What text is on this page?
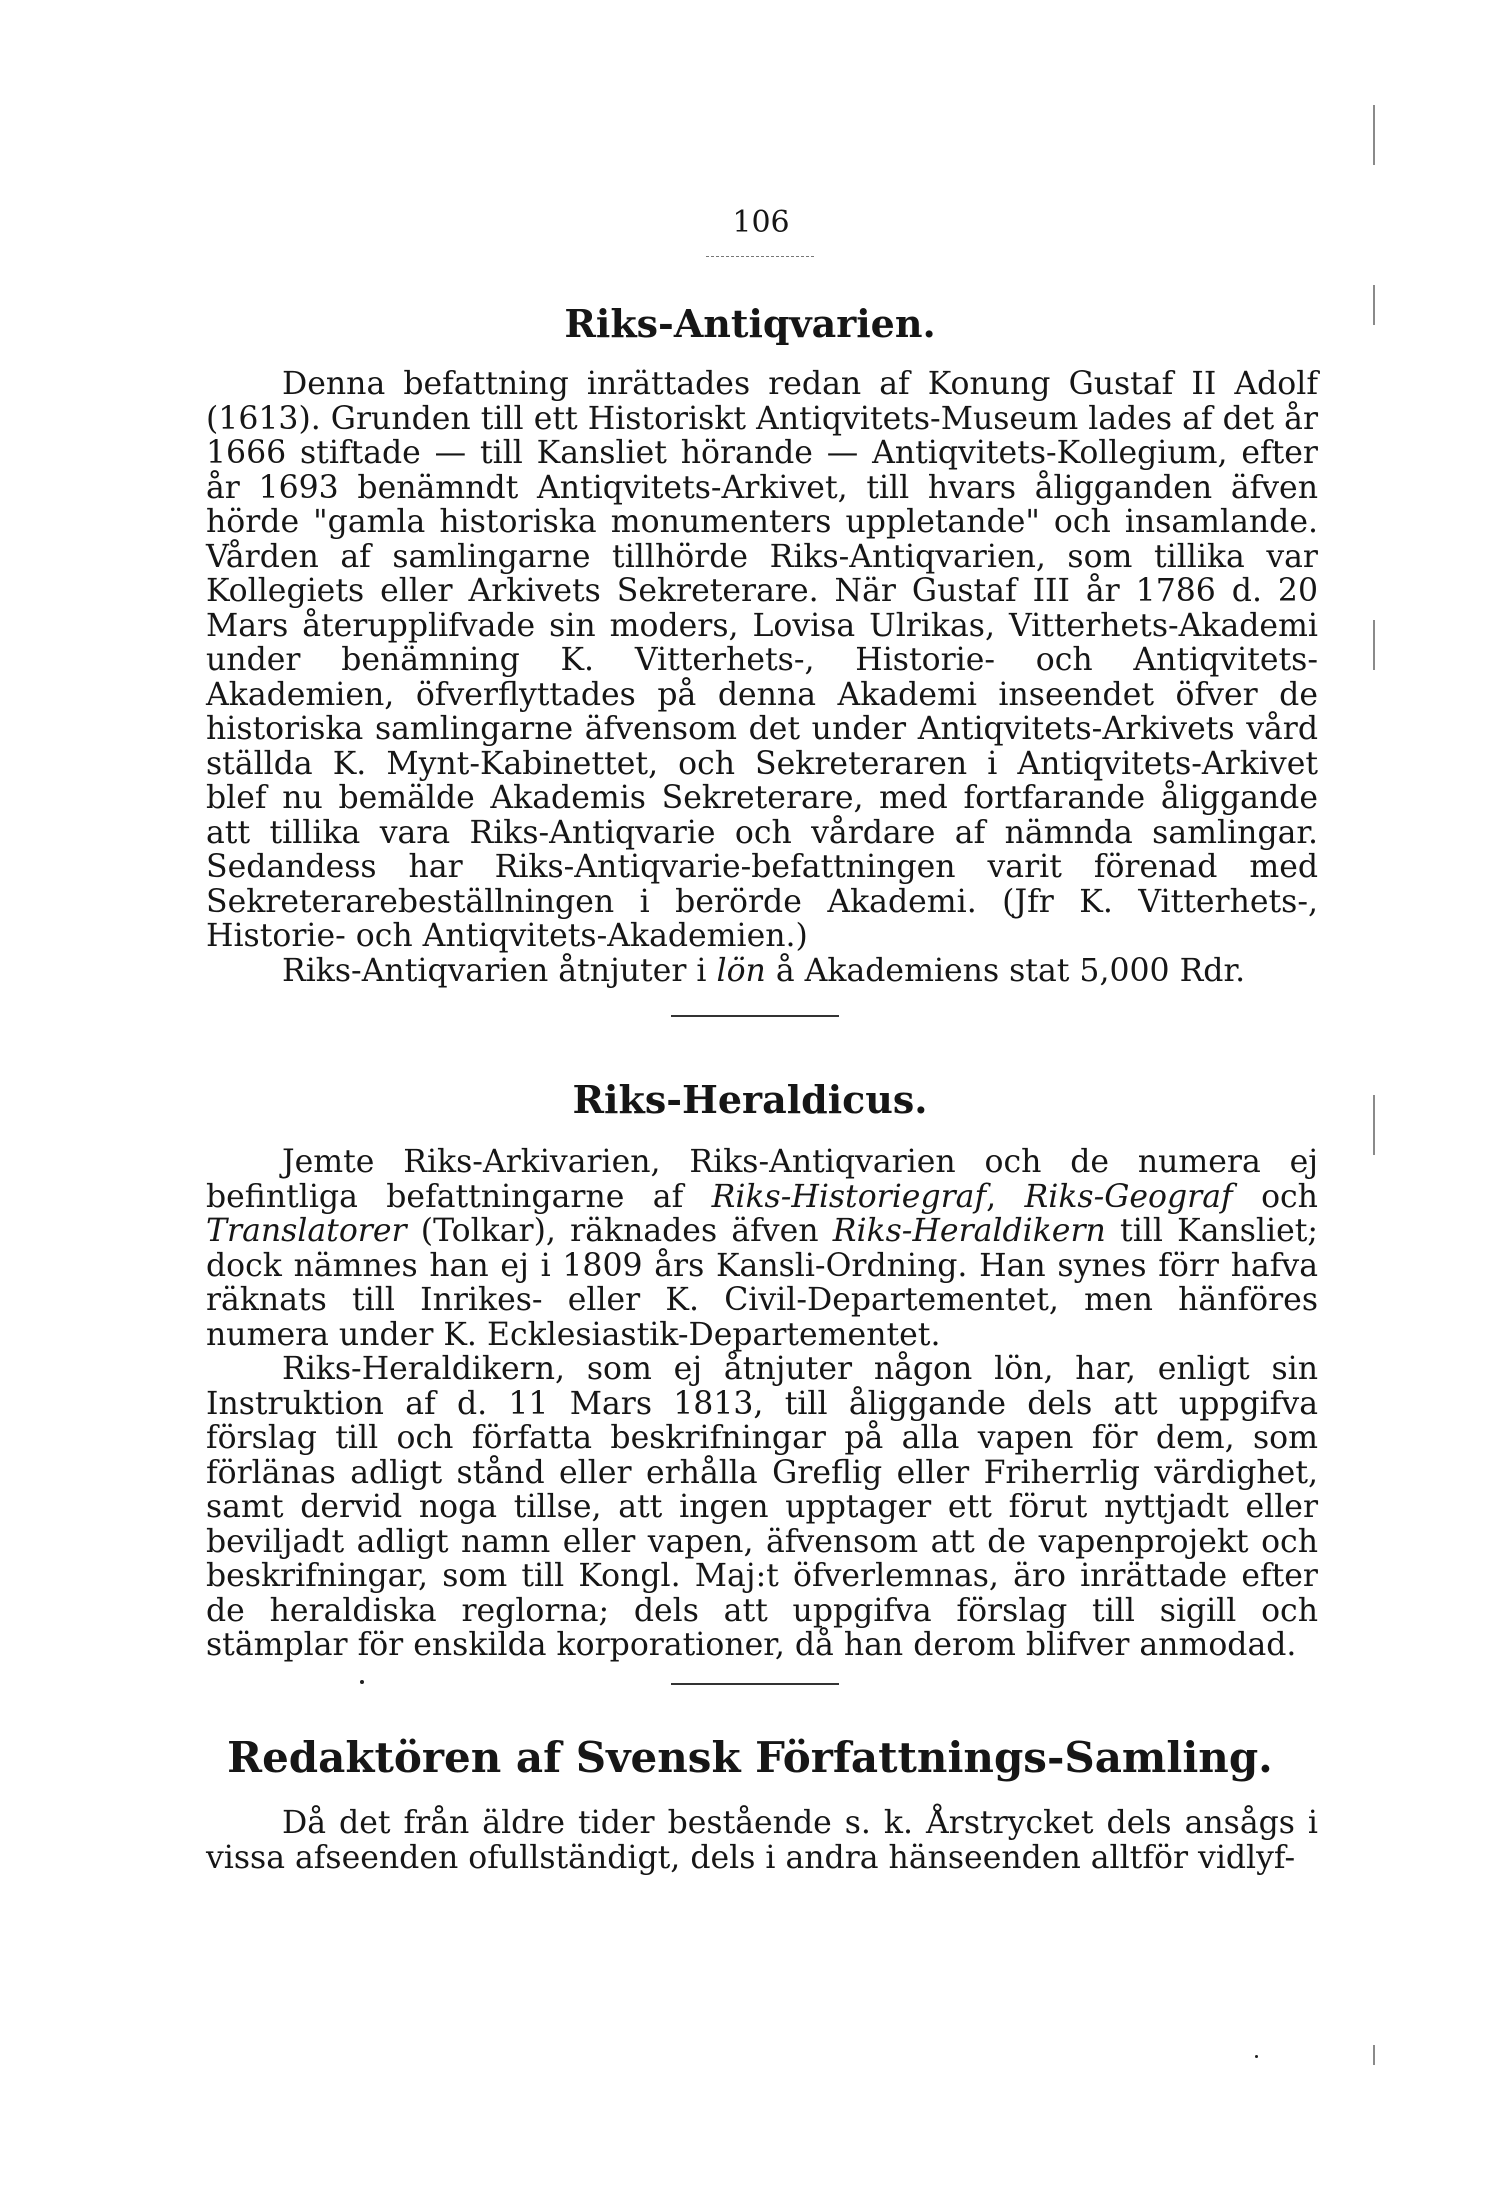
106
Riks-Antiqvarien.

Denna befattning inrättades redan af Konung Gustaf II Adolf (1613). Grunden till ett Historiskt Antiqvitets-Museum lades af det år 1666 stiftade — till Kansliet hörande — Antiqvitets-Kollegium, efter år 1693 benämndt Antiqvitets-Arkivet, till hvars åligganden äfven hörde "gamla historiska monumenters uppletande" och insamlande. Vården af samlingarne tillhörde Riks-Antiqvarien, som tillika var Kollegiets eller Arkivets Sekreterare. När Gustaf III år 1786 d. 20 Mars återupplifvade sin moders, Lovisa Ulrikas, Vitterhets-Akademi under benämning K. Vitterhets-, Historie- och Antiqvitets-Akademien, öfverflyttades på denna Akademi inseendet öfver de historiska samlingarne äfvensom det under Antiqvitets-Arkivets vård ställda K. Mynt-Kabinettet, och Sekreteraren i Antiqvitets-Arkivet blef nu bemälde Akademis Sekreterare, med fortfarande åliggande att tillika vara Riks-Antiqvarie och vårdare af nämnda samlingar. Sedandess har Riks-Antiqvarie-befattningen varit förenad med Sekreterarebeställningen i berörde Akademi. (Jfr K. Vitterhets-, Historie- och Antiqvitets-Akademien.)

Riks-Antiqvarien åtnjuter i lön å Akademiens stat 5,000 Rdr.

Riks-Heraldicus.

Jemte Riks-Arkivarien, Riks-Antiqvarien och de numera ej befintliga befattningarne af Riks-Historiegraf, Riks-Geograf och Translatorer (Tolkar), räknades äfven Riks-Heraldikern till Kansliet; dock nämnes han ej i 1809 års Kansli-Ordning. Han synes förr hafva räknats till Inrikes- eller K. Civil-Departementet, men hänföres numera under K. Ecklesiastik-Departementet.

Riks-Heraldikern, som ej åtnjuter någon lön, har, enligt sin Instruktion af d. 11 Mars 1813, till åliggande dels att uppgifva förslag till och författa beskrifningar på alla vapen för dem, som förlänas adligt stånd eller erhålla Greflig eller Friherrlig värdighet, samt dervid noga tillse, att ingen upptager ett förut nyttjadt eller beviljadt adligt namn eller vapen, äfvensom att de vapenprojekt och beskrifningar, som till Kongl. Maj:t öfverlemnas, äro inrättade efter de heraldiska reglorna; dels att uppgifva förslag till sigill och stämplar för enskilda korporationer, då han derom blifver anmodad.

Redaktören af Svensk Författnings-Samling.

Då det från äldre tider bestående s. k. Årstrycket dels ansågs i vissa afseenden ofullständigt, dels i andra hänseenden alltför vidlyf-
